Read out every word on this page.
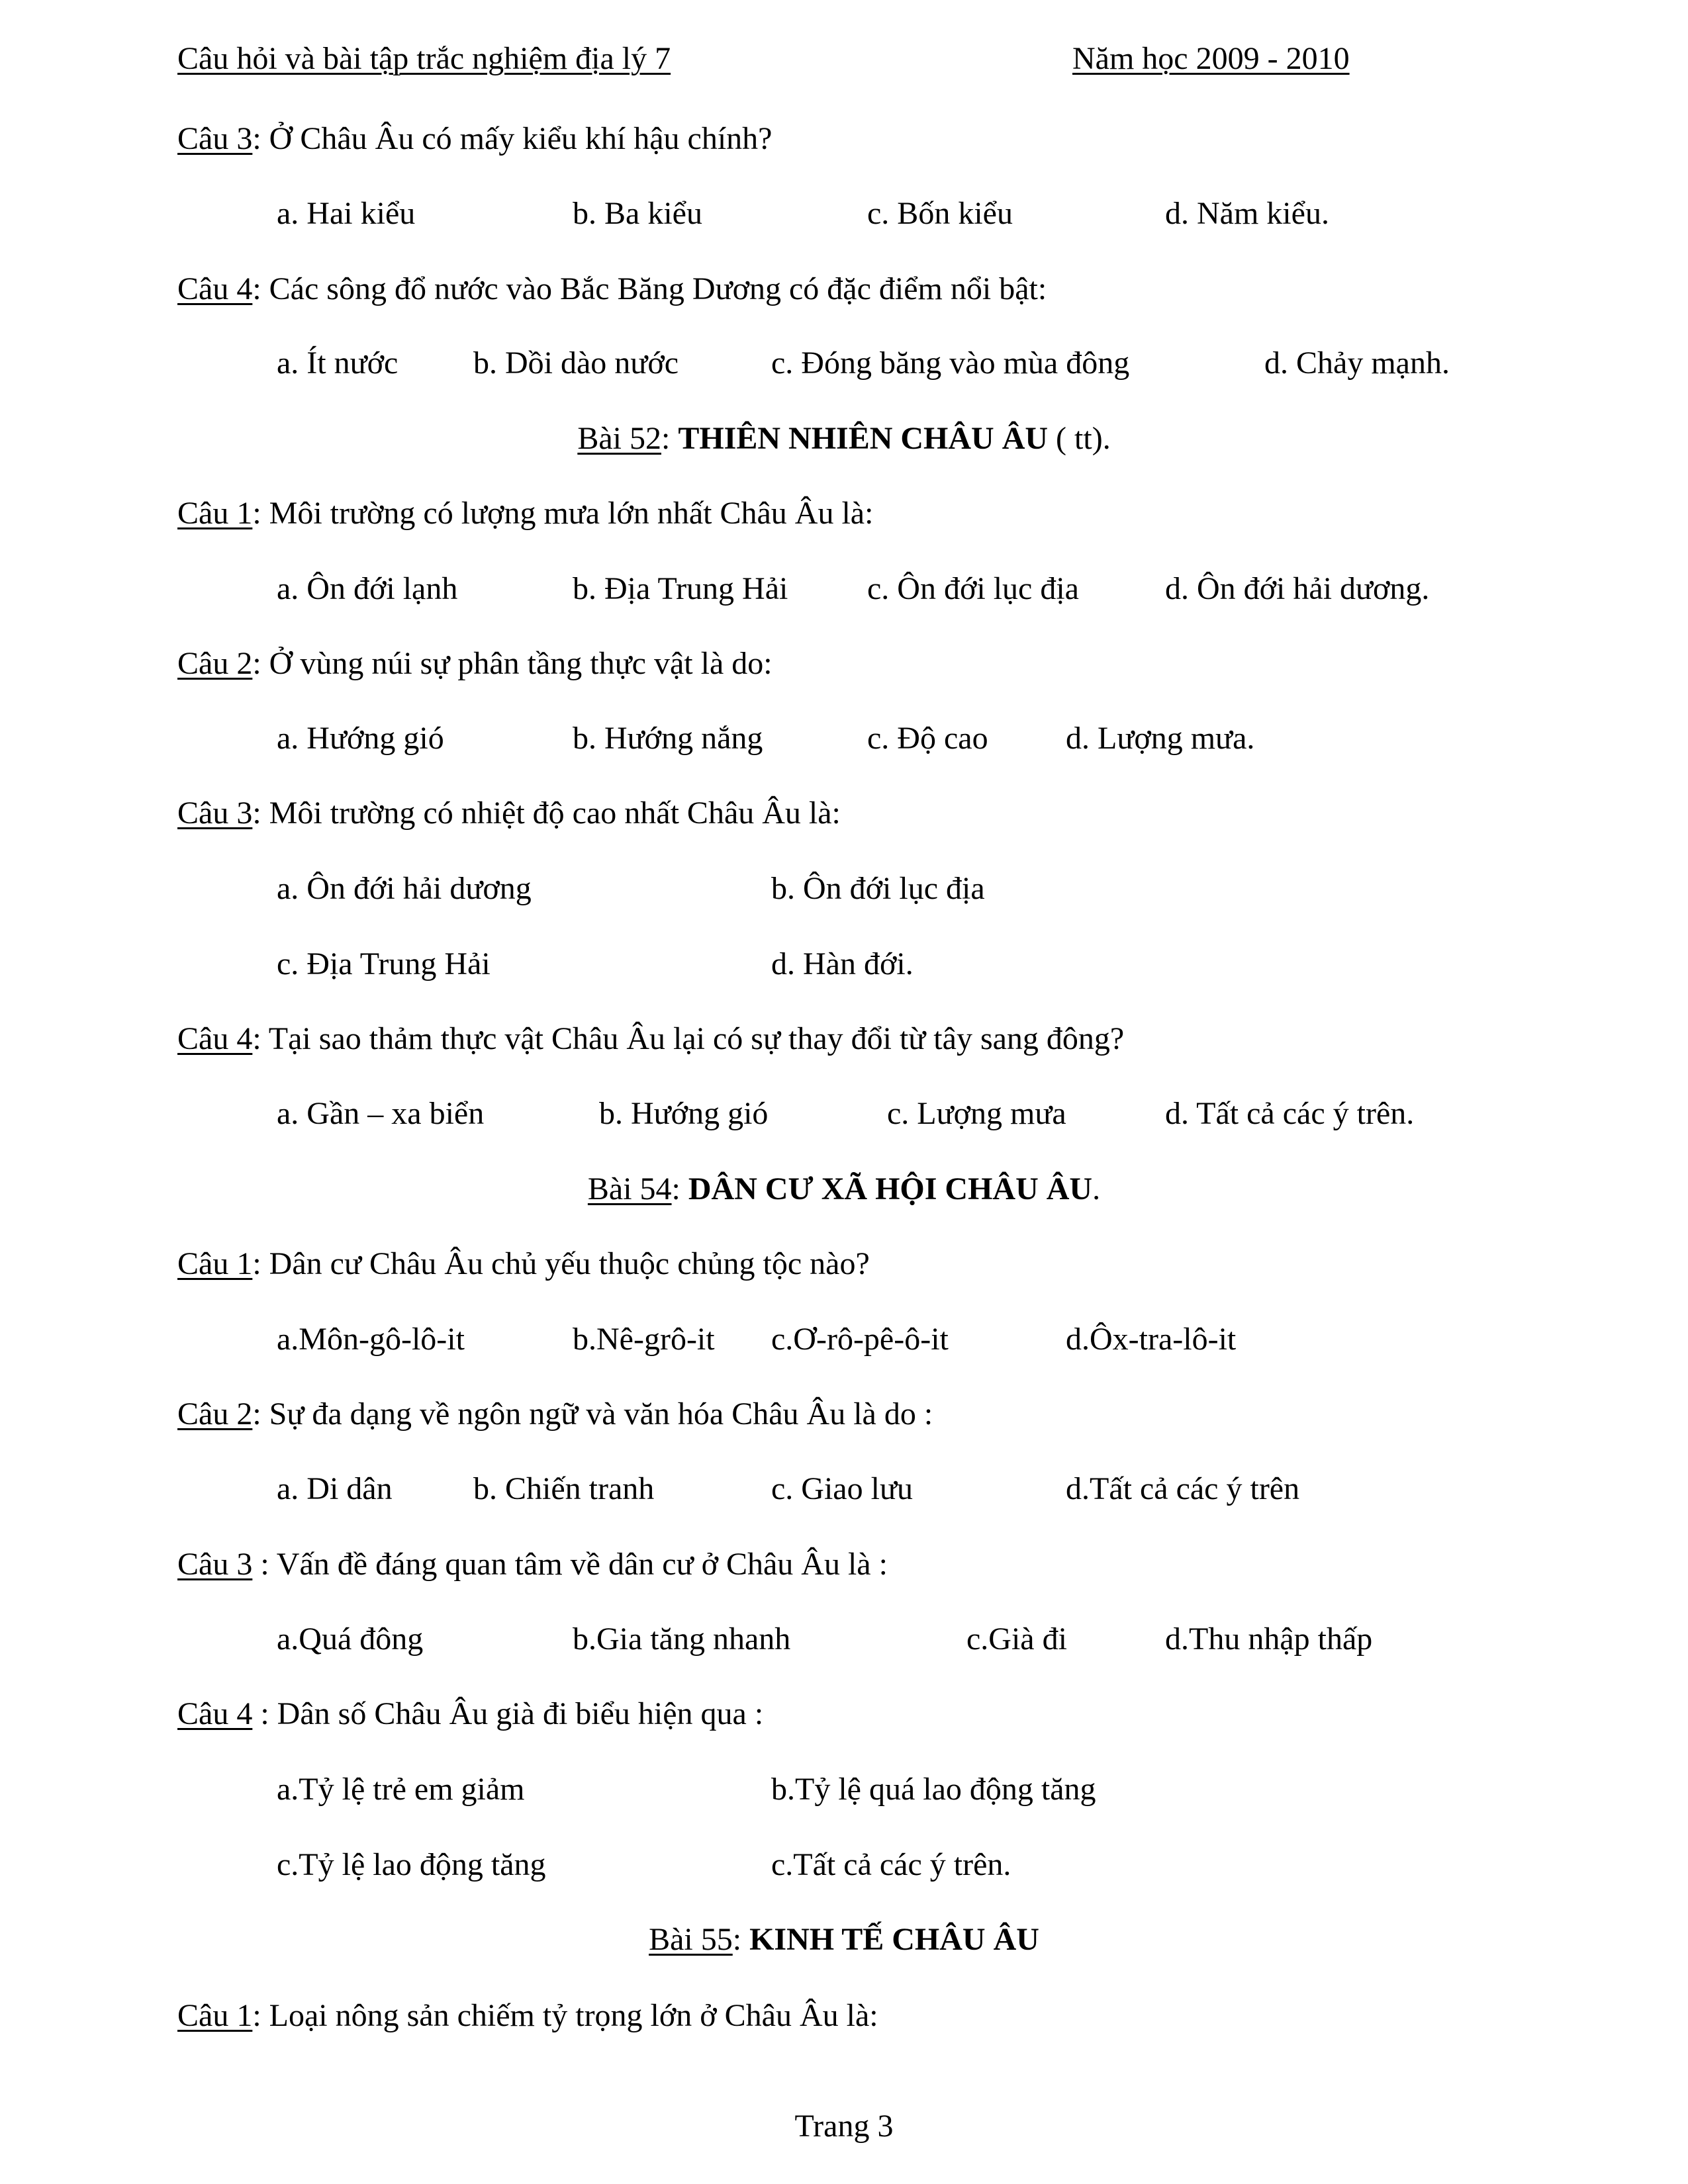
Câu hỏi và bài tập trắc nghiệm địa lý 7	Năm học 2009 - 2010
Câu 3: Ở Châu Âu có mấy kiểu khí hậu chính?
a. Hai kiểu	b. Ba kiểu	c. Bốn kiểu	d. Năm kiểu.
Câu 4: Các sông đổ nước vào Bắc Băng Dương có đặc điểm nổi bật:
a. Ít nước b. Dồi dào nước	c. Đóng băng vào mùa đông	d. Chảy mạnh.
Bài 52: THIÊN NHIÊN CHÂU ÂU ( tt).
Câu 1: Môi trường có lượng mưa lớn nhất Châu Âu là:
a. Ôn đới lạnh	b. Địa Trung Hải c. Ôn đới lục địa	d. Ôn đới hải dương.
Câu 2: Ở vùng núi sự phân tầng thực vật là do:
a. Hướng gió	b. Hướng nắng	c. Độ cao d. Lượng mưa.
Câu 3: Môi trường có nhiệt độ cao nhất Châu Âu là:
a. Ôn đới hải dương	b. Ôn đới lục địa
c. Địa Trung Hải	d. Hàn đới.
Câu 4: Tại sao thảm thực vật Châu Âu lại có sự thay đổi từ tây sang đông?
a. Gần – xa biển	b. Hướng gió	c. Lượng mưa	d. Tất cả các ý trên.
Bài 54: DÂN CƯ XÃ HỘI CHÂU ÂU.
Câu 1: Dân cư Châu Âu chủ yếu thuộc chủng tộc nào?
a.Môn-gô-lô-it	b.Nê-grô-it c.Ơ-rô-pê-ô-it	d.Ôx-tra-lô-it
Câu 2: Sự đa dạng về ngôn ngữ và văn hóa Châu Âu là do :
a. Di dân	b. Chiến tranh	c. Giao lưu	d.Tất cả các ý trên
Câu 3 : Vấn đề đáng quan tâm về dân cư ở Châu Âu là :
a.Quá đông	b.Gia tăng nhanh	c.Già đi	d.Thu nhập thấp
Câu 4 : Dân số Châu Âu già đi biểu hiện qua :
a.Tỷ lệ trẻ em giảm	b.Tỷ lệ quá lao động tăng
c.Tỷ lệ lao động tăng	c.Tất cả các ý trên.
Bài 55: KINH TẾ CHÂU ÂU
Câu 1: Loại nông sản chiếm tỷ trọng lớn ở Châu Âu là:
Trang 3
